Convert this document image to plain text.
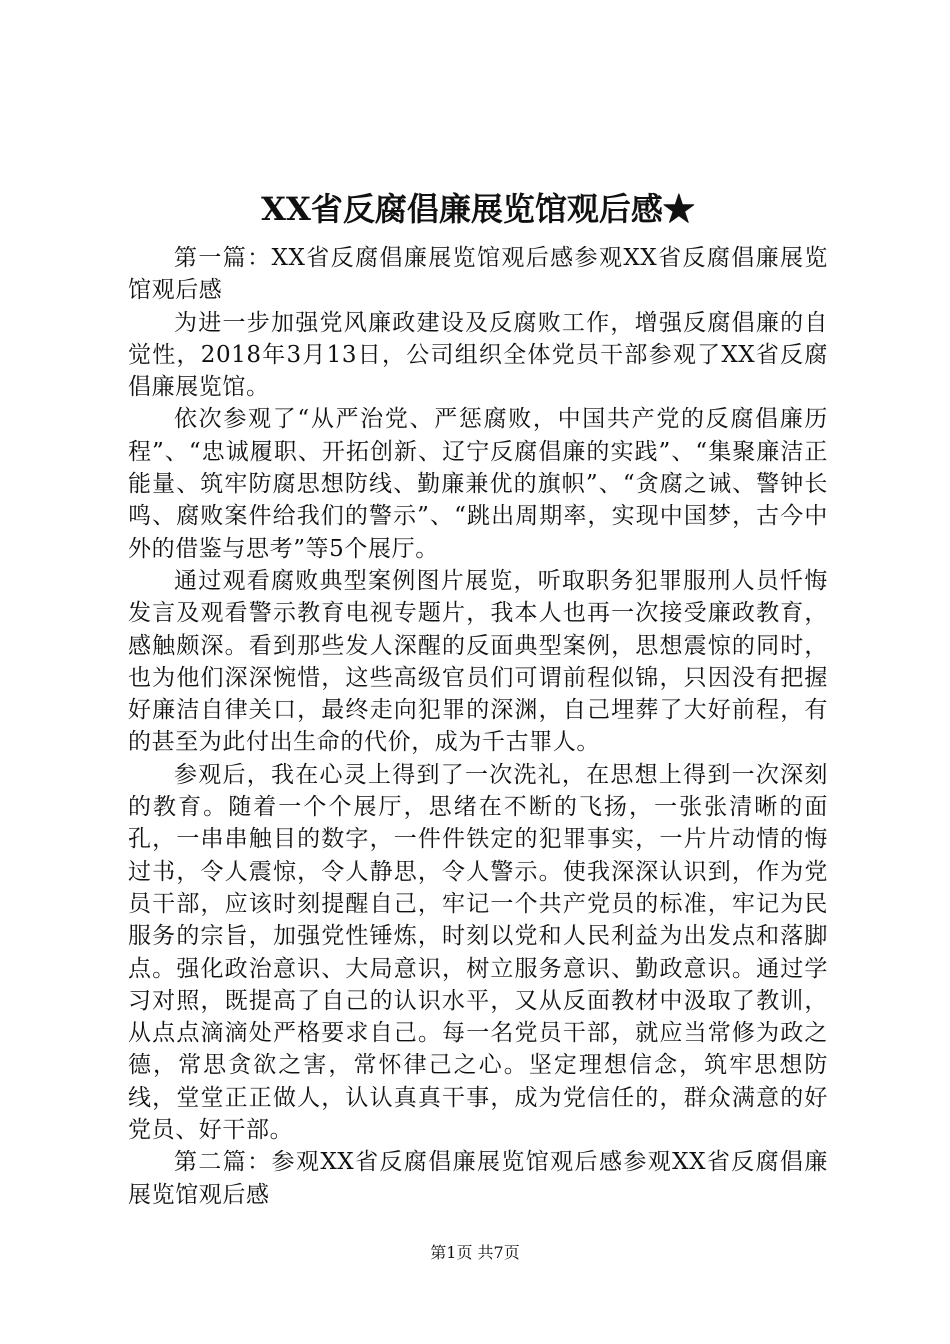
XX省反腐倡廉展览馆观后感★

第一篇：XX省反腐倡廉展览馆观后感参观XX省反腐倡廉展览馆观后感

为进一步加强党风廉政建设及反腐败工作，增强反腐倡廉的自觉性，2018年3月13日，公司组织全体党员干部参观了XX省反腐倡廉展览馆。

依次参观了“从严治党、严惩腐败，中国共产党的反腐倡廉历程”、“忠诚履职、开拓创新、辽宁反腐倡廉的实践”、“集聚廉洁正能量、筑牢防腐思想防线、勤廉兼优的旗帜”、“贪腐之诫、警钟长鸣、腐败案件给我们的警示”、“跳出周期率，实现中国梦，古今中外的借鉴与思考”等5个展厅。

通过观看腐败典型案例图片展览，听取职务犯罪服刑人员忏悔发言及观看警示教育电视专题片，我本人也再一次接受廉政教育，感触颇深。看到那些发人深醒的反面典型案例，思想震惊的同时，也为他们深深惋惜，这些高级官员们可谓前程似锦，只因没有把握好廉洁自律关口，最终走向犯罪的深渊，自己埋葬了大好前程，有的甚至为此付出生命的代价，成为千古罪人。

参观后，我在心灵上得到了一次洗礼，在思想上得到一次深刻的教育。随着一个个展厅，思绪在不断的飞扬，一张张清晰的面孔，一串串触目的数字，一件件铁定的犯罪事实，一片片动情的悔过书，令人震惊，令人静思，令人警示。使我深深认识到，作为党员干部，应该时刻提醒自己，牢记一个共产党员的标准，牢记为民服务的宗旨，加强党性锤炼，时刻以党和人民利益为出发点和落脚点。强化政治意识、大局意识，树立服务意识、勤政意识。通过学习对照，既提高了自己的认识水平，又从反面教材中汲取了教训，从点点滴滴处严格要求自己。每一名党员干部，就应当常修为政之德，常思贪欲之害，常怀律己之心。坚定理想信念，筑牢思想防线，堂堂正正做人，认认真真干事，成为党信任的，群众满意的好党员、好干部。

第二篇：参观XX省反腐倡廉展览馆观后感参观XX省反腐倡廉展览馆观后感

第1页 共7页
